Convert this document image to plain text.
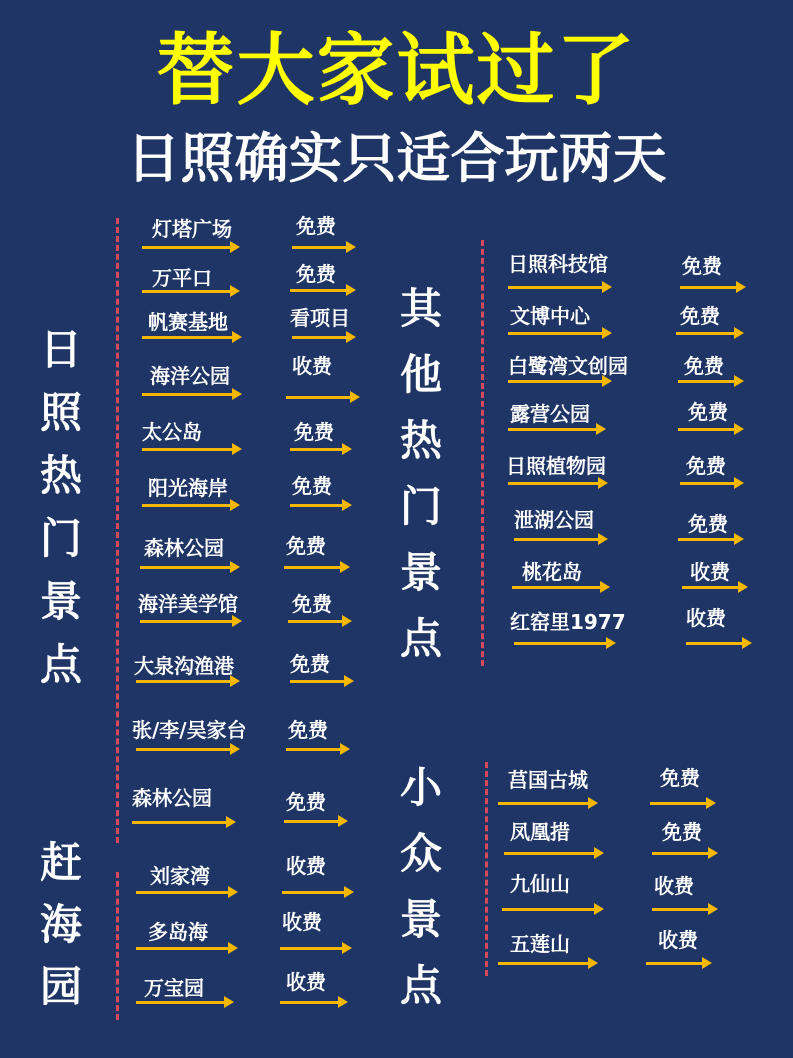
替大家试过了
日照确实只适合玩两天
日
照
热
门
景
点
赶
海
园
其
他
热
门
景
点
小
众
景
点
灯塔广场	免费
万平口	免费
帆赛基地	看项目
海洋公园	收费
太公岛	免费
阳光海岸	免费
森林公园	免费
海洋美学馆	免费
大泉沟渔港	免费
张/李/吴家台 免费
森林公园	免费
刘家湾	收费
多岛海	收费
万宝园	收费
日照科技馆	免费
文博中心	免费
白鹭湾文创园	免费
露营公园	免费
日照植物园	免费
泄湖公园	免费
桃花岛	收费
红窑里1977	收费
莒国古城	免费
凤凰措	免费
九仙山	收费
五莲山	收费
